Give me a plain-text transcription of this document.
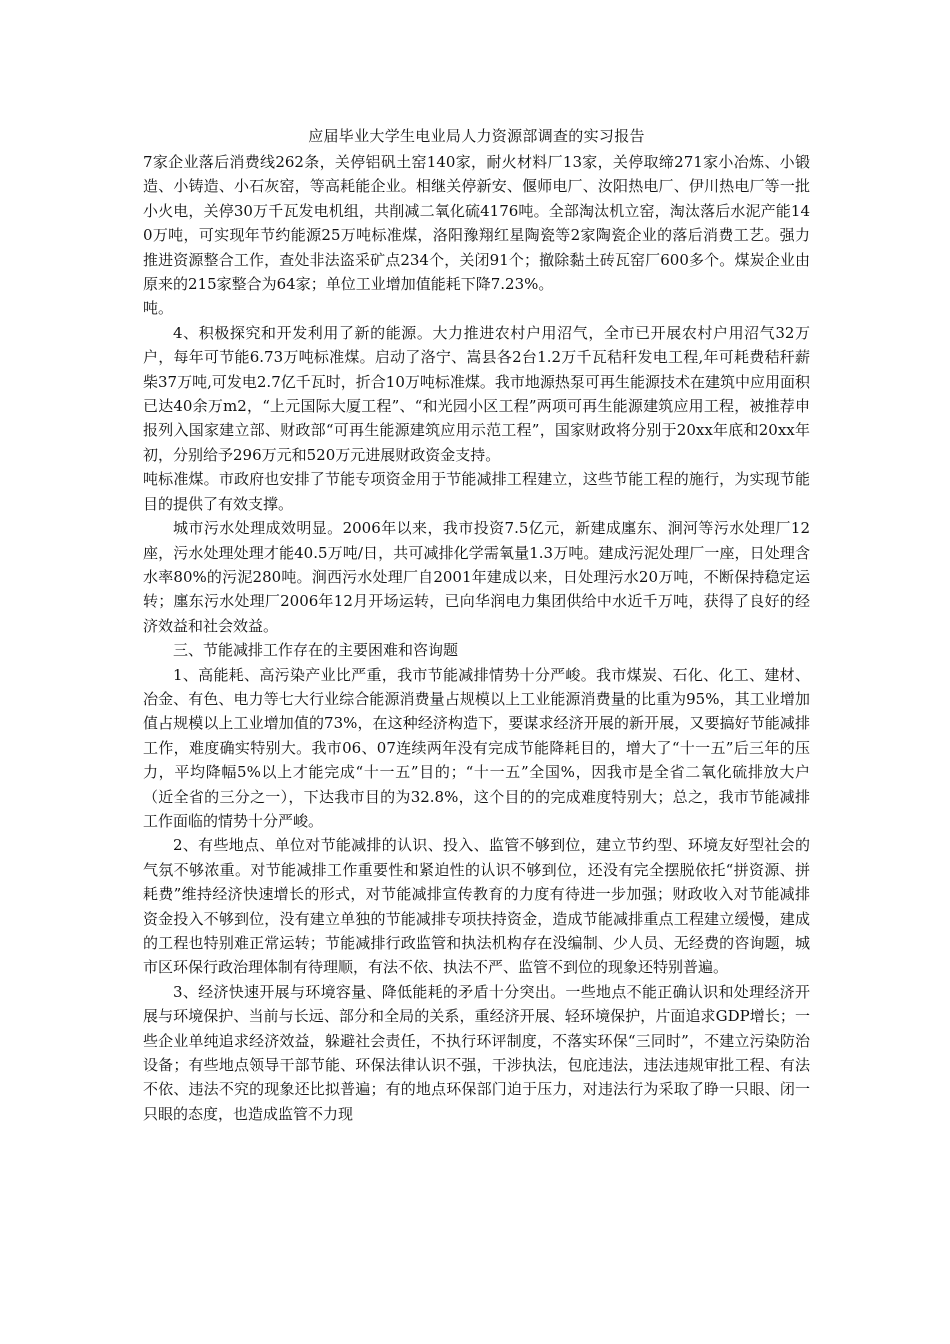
应届毕业大学生电业局人力资源部调查的实习报告

7家企业落后消费线262条，关停铝矾土窑140家，耐火材料厂13家，关停取缔271家小冶炼、小锻造、小铸造、小石灰窑，等高耗能企业。相继关停新安、偃师电厂、汝阳热电厂、伊川热电厂等一批小火电，关停30万千瓦发电机组，共削减二氧化硫4176吨。全部淘汰机立窑，淘汰落后水泥产能140万吨，可实现年节约能源25万吨标准煤，洛阳豫翔红星陶瓷等2家陶瓷企业的落后消费工艺。强力推进资源整合工作，查处非法盗采矿点234个，关闭91个；撤除黏土砖瓦窑厂600多个。煤炭企业由原来的215家整合为64家；单位工业增加值能耗下降7.23%。

吨。

4、积极探究和开发利用了新的能源。大力推进农村户用沼气，全市已开展农村户用沼气32万户，每年可节能6.73万吨标准煤。启动了洛宁、嵩县各2台1.2万千瓦秸秆发电工程,年可耗费秸秆薪柴37万吨,可发电2.7亿千瓦时，折合10万吨标准煤。我市地源热泵可再生能源技术在建筑中应用面积已达40余万m2，“上元国际大厦工程”、“和光园小区工程”两项可再生能源建筑应用工程，被推荐申报列入国家建立部、财政部“可再生能源建筑应用示范工程”，国家财政将分别于20xx年底和20xx年初，分别给予296万元和520万元进展财政资金支持。

吨标准煤。市政府也安排了节能专项资金用于节能减排工程建立，这些节能工程的施行，为实现节能目的提供了有效支撑。

城市污水处理成效明显。2006年以来，我市投资7.5亿元，新建成廛东、涧河等污水处理厂12座，污水处理处理才能40.5万吨/日，共可减排化学需氧量1.3万吨。建成污泥处理厂一座，日处理含水率80%的污泥280吨。涧西污水处理厂自2001年建成以来，日处理污水20万吨，不断保持稳定运转；廛东污水处理厂2006年12月开场运转，已向华润电力集团供给中水近千万吨，获得了良好的经济效益和社会效益。

三、节能减排工作存在的主要困难和咨询题

1、高能耗、高污染产业比严重，我市节能减排情势十分严峻。我市煤炭、石化、化工、建材、冶金、有色、电力等七大行业综合能源消费量占规模以上工业能源消费量的比重为95%，其工业增加值占规模以上工业增加值的73%，在这种经济构造下，要谋求经济开展的新开展，又要搞好节能减排工作，难度确实特别大。我市06、07连续两年没有完成节能降耗目的，增大了“十一五”后三年的压力，平均降幅5%以上才能完成“十一五”目的；“十一五”全国%，因我市是全省二氧化硫排放大户（近全省的三分之一），下达我市目的为32.8%，这个目的的完成难度特别大；总之，我市节能减排工作面临的情势十分严峻。

2、有些地点、单位对节能减排的认识、投入、监管不够到位，建立节约型、环境友好型社会的气氛不够浓重。对节能减排工作重要性和紧迫性的认识不够到位，还没有完全摆脱依托“拼资源、拼耗费”维持经济快速增长的形式，对节能减排宣传教育的力度有待进一步加强；财政收入对节能减排资金投入不够到位，没有建立单独的节能减排专项扶持资金，造成节能减排重点工程建立缓慢，建成的工程也特别难正常运转；节能减排行政监管和执法机构存在没编制、少人员、无经费的咨询题，城市区环保行政治理体制有待理顺，有法不依、执法不严、监管不到位的现象还特别普遍。

3、经济快速开展与环境容量、降低能耗的矛盾十分突出。一些地点不能正确认识和处理经济开展与环境保护、当前与长远、部分和全局的关系，重经济开展、轻环境保护，片面追求GDP增长；一些企业单纯追求经济效益，躲避社会责任，不执行环评制度，不落实环保“三同时”，不建立污染防治设备；有些地点领导干部节能、环保法律认识不强，干涉执法，包庇违法，违法违规审批工程、有法不依、违法不究的现象还比拟普遍；有的地点环保部门迫于压力，对违法行为采取了睁一只眼、闭一只眼的态度，也造成监管不力现
